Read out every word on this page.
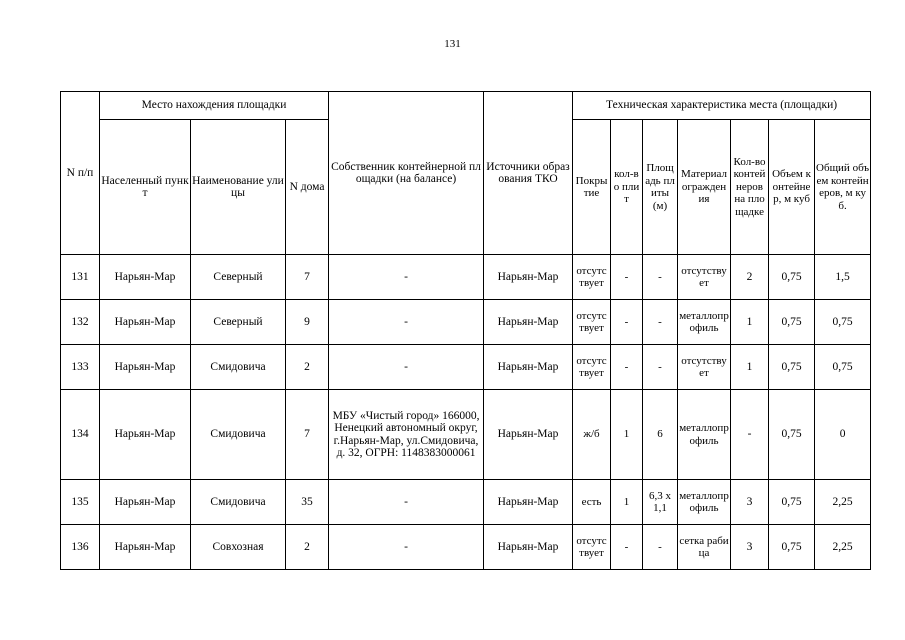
131
N п/п	Место нахождения площадки			Собственник контейнерной площадки (на балансе)	Источники образования ТКО	Техническая характеристика места (площадки)						
	Населенный пункт	Наименование улицы	N дома			Покрытие	кол-во плит	Площадь плиты (м)	Материал ограждения	Кол-во контейнеров на площадке	Объем контейнер, м куб	Общий объем контейнеров, м куб.
131	Нарьян-Мар	Северный	7	-	Нарьян-Мар	отсутствует	-	-	отсутствует	2	0,75	1,5
132	Нарьян-Мар	Северный	9	-	Нарьян-Мар	отсутствует	-	-	металлопрофиль	1	0,75	0,75
133	Нарьян-Мар	Смидовича	2	-	Нарьян-Мар	отсутствует	-	-	отсутствует	1	0,75	0,75
134	Нарьян-Мар	Смидовича	7	МБУ «Чистый город» 166000, Ненецкий автономный округ, г.Нарьян-Мар, ул.Смидовича, д. 32, ОГРН: 1148383000061	Нарьян-Мар	ж/б	1	6	металлопрофиль	-	0,75	0
135	Нарьян-Мар	Смидовича	35	-	Нарьян-Мар	есть	1	6,3 х 1,1	металлопрофиль	3	0,75	2,25
136	Нарьян-Мар	Совхозная	2	-	Нарьян-Мар	отсутствует	-	-	сетка рабица	3	0,75	2,25
